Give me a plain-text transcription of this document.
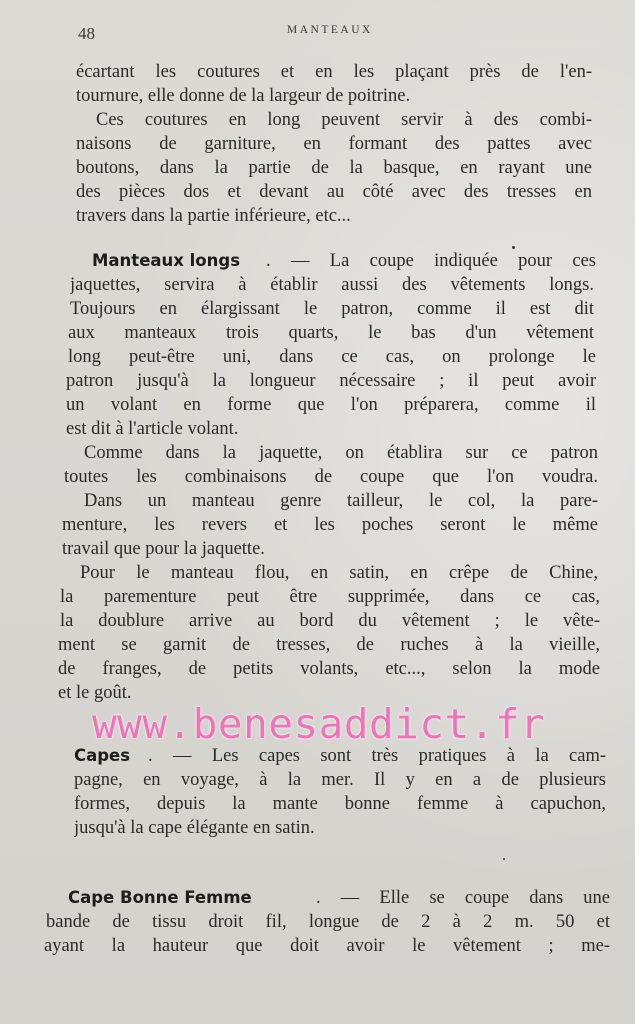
48	MANTEAUX
écartant les coutures et en les plaçant près de l'en-
tournure, elle donne de la largeur de poitrine.
Ces coutures en long peuvent servir à des combi-
naisons de garniture, en formant des pattes avec
boutons, dans la partie de la basque, en rayant une
des pièces dos et devant au côté avec des tresses en
travers dans la partie inférieure, etc...
Manteaux longs	. — La coupe indiquée pour ces
jaquettes, servira à établir aussi des vêtements longs.
Toujours en élargissant le patron, comme il est dit
aux manteaux trois quarts, le bas d'un vêtement
long peut-être uni, dans ce cas, on prolonge le
patron jusqu'à la longueur nécessaire ; il peut avoir
un volant en forme que l'on préparera, comme il
est dit à l'article volant.
Comme dans la jaquette, on établira sur ce patron
toutes les combinaisons de coupe que l'on voudra.
Dans un manteau genre tailleur, le col, la pare-
menture, les revers et les poches seront le même
travail que pour la jaquette.
Pour le manteau flou, en satin, en crêpe de Chine,
la parementure peut être supprimée, dans ce cas,
la doublure arrive au bord du vêtement ; le vête-
ment se garnit de tresses, de ruches à la vieille,
de franges, de petits volants, etc..., selon la mode
et le goût.
www.benesaddict.fr
Capes . — Les capes sont très pratiques à la cam-
pagne, en voyage, à la mer. Il y en a de plusieurs
formes, depuis la mante bonne femme à capuchon,
jusqu'à la cape élégante en satin.
Cape Bonne Femme	. — Elle se coupe dans une
bande de tissu droit fil, longue de 2 à 2 m. 50 et
ayant la hauteur que doit avoir le vêtement ; me-
